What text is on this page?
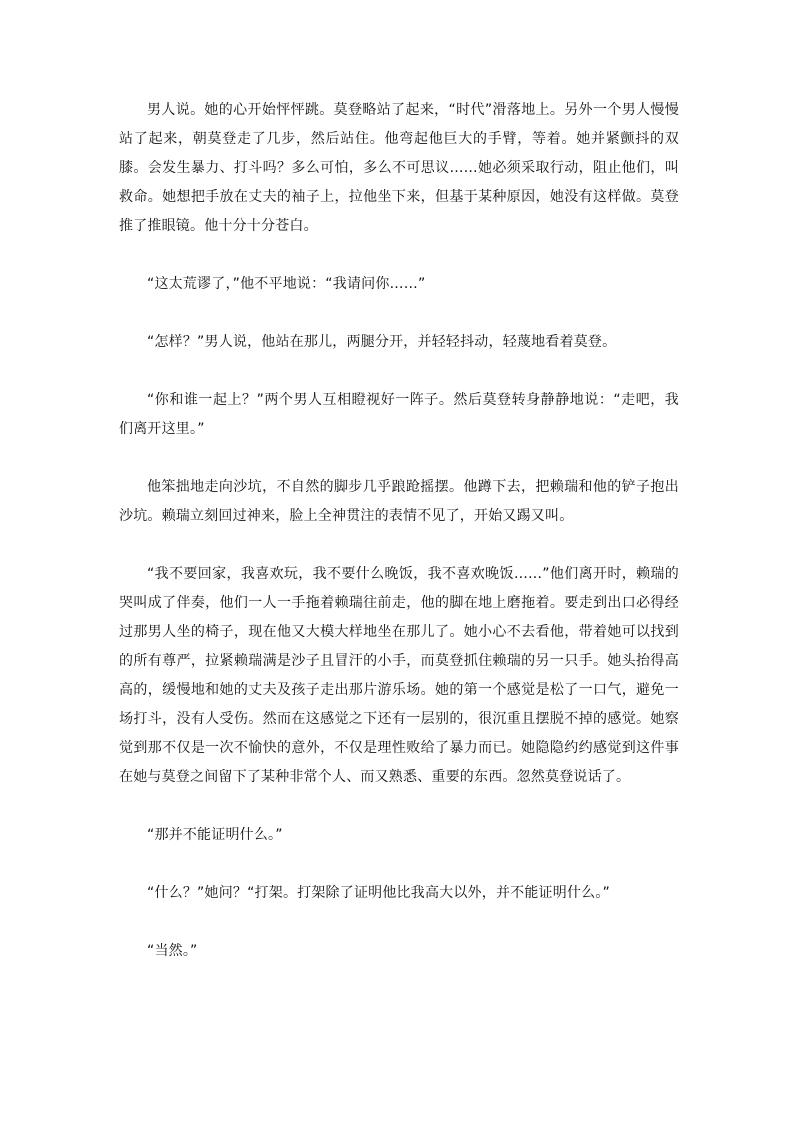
男人说。她的心开始怦怦跳。莫登略站了起来，“时代”滑落地上。另外一个男人慢慢站了起来，朝莫登走了几步，然后站住。他弯起他巨大的手臂，等着。她并紧颤抖的双膝。会发生暴力、打斗吗？多么可怕，多么不可思议……她必须采取行动，阻止他们，叫救命。她想把手放在丈夫的袖子上，拉他坐下来，但基于某种原因，她没有这样做。莫登推了推眼镜。他十分十分苍白。

“这太荒谬了，”他不平地说：“我请问你……”

“怎样？”男人说，他站在那儿，两腿分开，并轻轻抖动，轻蔑地看着莫登。

“你和谁一起上？”两个男人互相瞪视好一阵子。然后莫登转身静静地说：“走吧，我们离开这里。”

他笨拙地走向沙坑，不自然的脚步几乎踉跄摇摆。他蹲下去，把赖瑞和他的铲子抱出沙坑。赖瑞立刻回过神来，脸上全神贯注的表情不见了，开始又踢又叫。

“我不要回家，我喜欢玩，我不要什么晚饭，我不喜欢晚饭……”他们离开时，赖瑞的哭叫成了伴奏，他们一人一手拖着赖瑞往前走，他的脚在地上磨拖着。要走到出口必得经过那男人坐的椅子，现在他又大模大样地坐在那儿了。她小心不去看他，带着她可以找到的所有尊严，拉紧赖瑞满是沙子且冒汗的小手，而莫登抓住赖瑞的另一只手。她头抬得高高的，缓慢地和她的丈夫及孩子走出那片游乐场。她的第一个感觉是松了一口气，避免一场打斗，没有人受伤。然而在这感觉之下还有一层别的，很沉重且摆脱不掉的感觉。她察觉到那不仅是一次不愉快的意外，不仅是理性败给了暴力而已。她隐隐约约感觉到这件事在她与莫登之间留下了某种非常个人、而又熟悉、重要的东西。忽然莫登说话了。

“那并不能证明什么。”

“什么？”她问？“打架。打架除了证明他比我高大以外，并不能证明什么。”

“当然。”
